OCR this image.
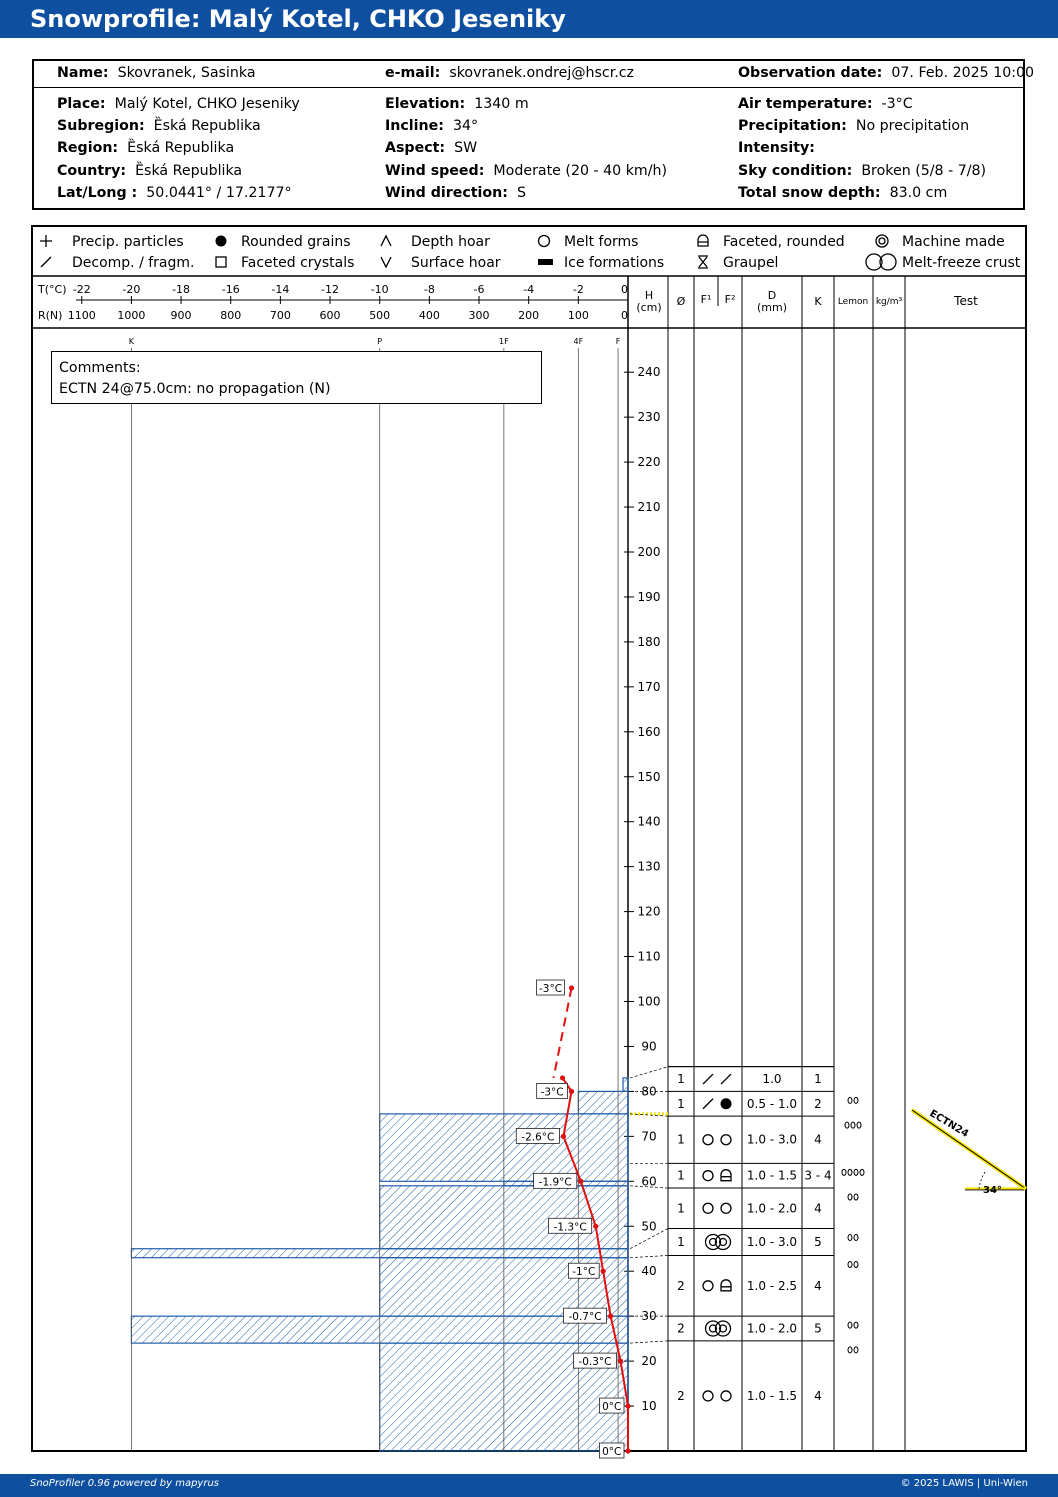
Snowprofile: Malý Kotel, CHKO Jeseniky
Name: Skovranek, Sasinka	e-mail: skovranek.ondrej@hscr.cz	Observation date: 07. Feb. 2025 10:00
Place: Malý Kotel, CHKO Jeseniky
Subregion: Ȅská Republika
Region: Ȅská Republika
Country: Ȅská Republika
Lat/Long : 50.0441° / 17.2177°
Elevation: 1340 m
Incline: 34°
Aspect: SW
Wind speed: Moderate (20 - 40 km/h)
Wind direction: S
Air temperature: -3°C
Precipitation: No precipitation
Intensity:
Sky condition: Broken (5/8 - 7/8)
Total snow depth: 83.0 cm
H
(cm) Ø F¹ F²	D
(mm) K Lemon kg/m³	Test
T(°C)
R(N)
-22	-20	-18	-16	-14	-12	-10	-8	-6	-4	-2	0
1100 1000 900	800	700	600	500	400	300	200	100	0
K	P	1F	4F	F
10
20
30
40
50
60
70
80
90
100
110
120
130
140
150
160
170
180
190
200
210
220
230
240
Precip. particles	Rounded grains	Depth hoar	Melt forms	Faceted, rounded	Machine made
Decomp. / fragm.	Faceted crystals	Surface hoar	Ice formations	Graupel	Melt-freeze crust
1	1.0	1
1	0.5 - 1.0 2
1	1.0 - 3.0 4
1	1.0 - 1.5 3 - 4
1	1.0 - 2.0 4
1	1.0 - 3.0 5
2	1.0 - 2.5 4
2	1.0 - 2.0 5
2	1.0 - 1.5 4
-3°C
-3°C
-2.6°C
-1.9°C
-1.3°C
-1°C
-0.7°C
-0.3°C
0°C
0°C
ECTN24
34°
Comments:
ECTN 24@75.0cm: no propagation (N)
SnoProfiler 0.96 powered by mapyrus	© 2025 LAWIS | Uni-Wien
